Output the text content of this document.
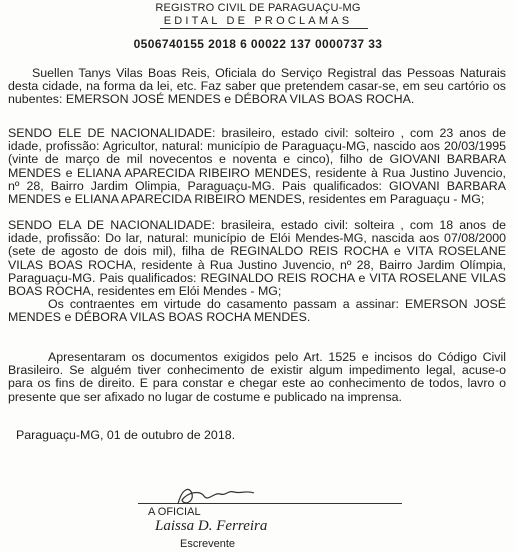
REGISTRO CIVIL DE PARAGUAÇU-MG
EDITAL DE PROCLAMAS
0506740155 2018 6 00022 137 0000737 33

Suellen Tanys Vilas Boas Reis, Oficiala do Serviço Registral das Pessoas Naturais desta cidade, na forma da lei, etc. Faz saber que pretendem casar-se, em seu cartório os nubentes: EMERSON JOSÉ MENDES e DÉBORA VILAS BOAS ROCHA.

SENDO ELE DE NACIONALIDADE: brasileiro, estado civil: solteiro , com 23 anos de idade, profissão: Agricultor, natural: município de Paraguaçu-MG, nascido aos 20/03/1995 (vinte de março de mil novecentos e noventa e cinco), filho de GIOVANI BARBARA MENDES e ELIANA APARECIDA RIBEIRO MENDES, residente à Rua Justino Juvencio, nº 28, Bairro Jardim Olimpia, Paraguaçu-MG. Pais qualificados: GIOVANI BARBARA MENDES e ELIANA APARECIDA RIBEIRO MENDES, residentes em Paraguaçu - MG;

SENDO ELA DE NACIONALIDADE: brasileira, estado civil: solteira , com 18 anos de idade, profissão: Do lar, natural: município de Elói Mendes-MG, nascida aos 07/08/2000 (sete de agosto de dois mil), filha de REGINALDO REIS ROCHA e VITA ROSELANE VILAS BOAS ROCHA, residente à Rua Justino Juvencio, nº 28, Bairro Jardim Olímpia, Paraguaçu-MG. Pais qualificados: REGINALDO REIS ROCHA e VITA ROSELANE VILAS BOAS ROCHA, residentes em Elói Mendes - MG;

Os contraentes em virtude do casamento passam a assinar: EMERSON JOSÉ MENDES e DÉBORA VILAS BOAS ROCHA MENDES.

Apresentaram os documentos exigidos pelo Art. 1525 e incisos do Código Civil Brasileiro. Se alguém tiver conhecimento de existir algum impedimento legal, acuse-o para os fins de direito. E para constar e chegar este ao conhecimento de todos, lavro o presente que ser afixado no lugar de costume e publicado na imprensa.

Paraguaçu-MG, 01 de outubro de 2018.

A OFICIAL
Laissa D. Ferreira
Escrevente
